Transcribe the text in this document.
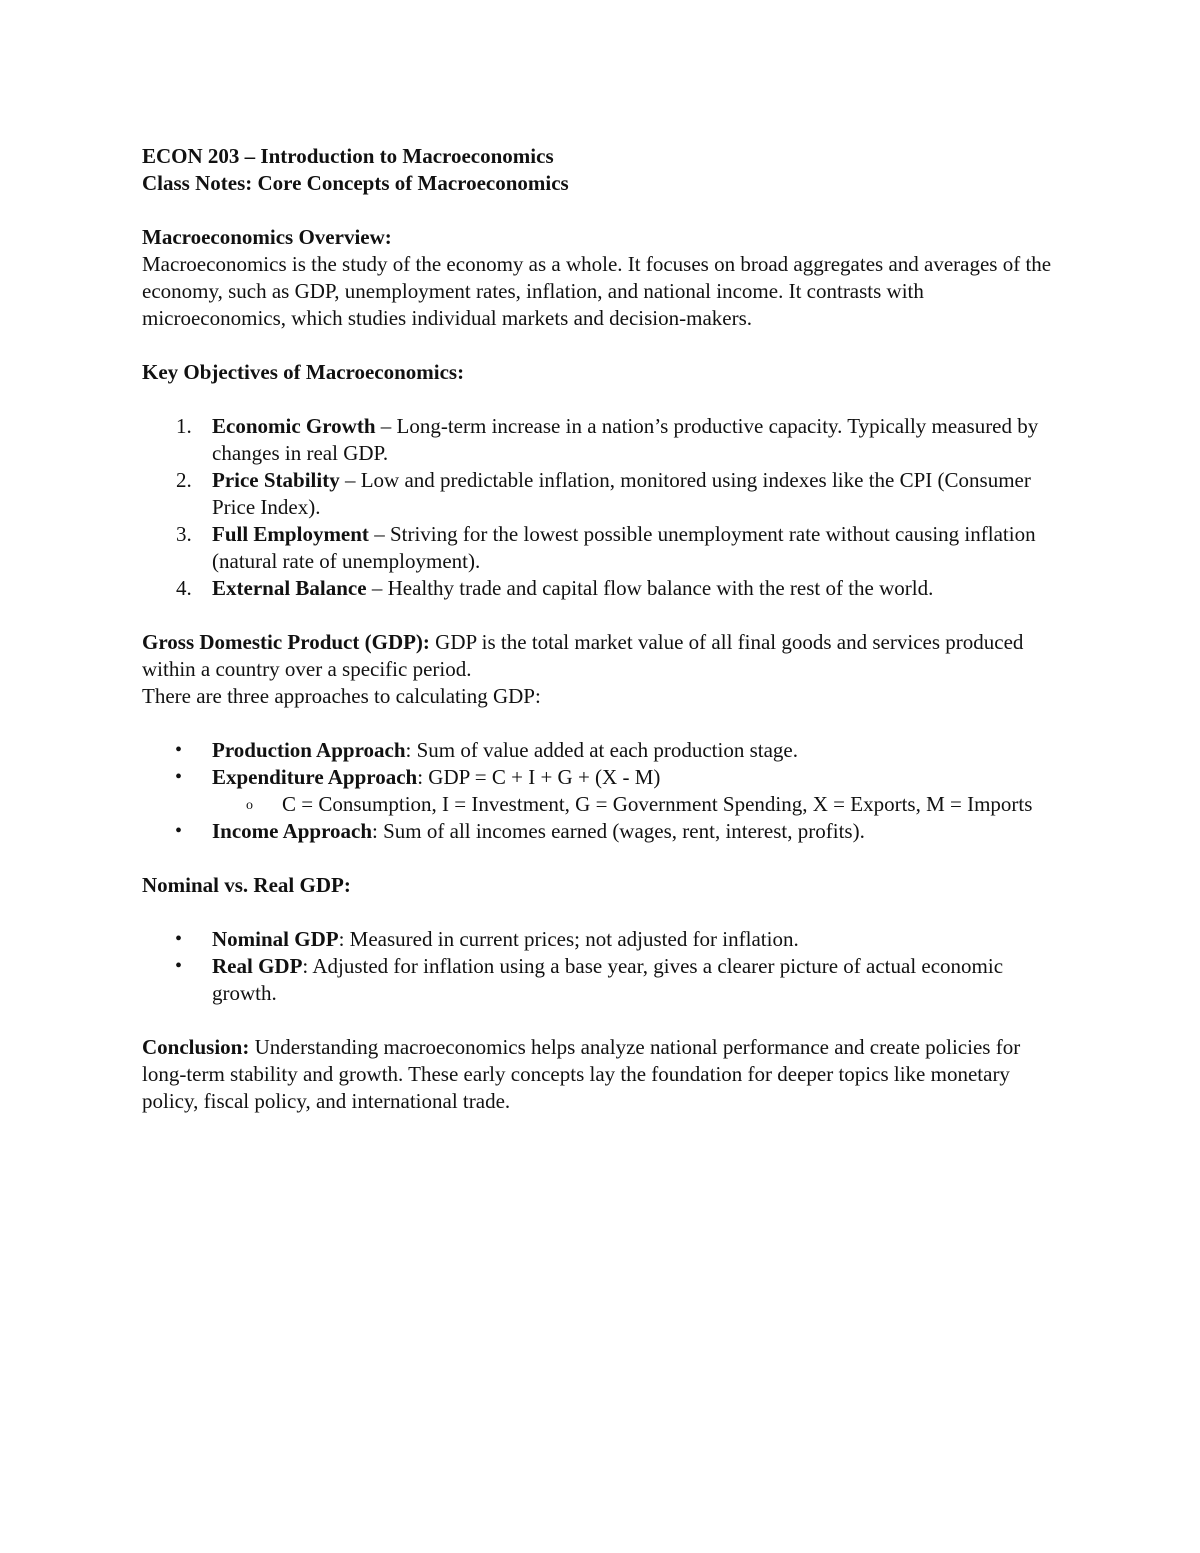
ECON 203 – Introduction to Macroeconomics

Class Notes: Core Concepts of Macroeconomics

Macroeconomics Overview:

Macroeconomics is the study of the economy as a whole. It focuses on broad aggregates and averages of the economy, such as GDP, unemployment rates, inflation, and national income. It contrasts with microeconomics, which studies individual markets and decision-makers.

Key Objectives of Macroeconomics:

1. Economic Growth – Long-term increase in a nation’s productive capacity. Typically measured by changes in real GDP.
2. Price Stability – Low and predictable inflation, monitored using indexes like the CPI (Consumer Price Index).
3. Full Employment – Striving for the lowest possible unemployment rate without causing inflation (natural rate of unemployment).
4. External Balance – Healthy trade and capital flow balance with the rest of the world.

Gross Domestic Product (GDP): GDP is the total market value of all final goods and services produced within a country over a specific period.

There are three approaches to calculating GDP:

• Production Approach: Sum of value added at each production stage.
• Expenditure Approach: GDP = C + I + G + (X - M)
o C = Consumption, I = Investment, G = Government Spending, X = Exports, M = Imports
• Income Approach: Sum of all incomes earned (wages, rent, interest, profits).

Nominal vs. Real GDP:

• Nominal GDP: Measured in current prices; not adjusted for inflation.
• Real GDP: Adjusted for inflation using a base year, gives a clearer picture of actual economic growth.

Conclusion: Understanding macroeconomics helps analyze national performance and create policies for long-term stability and growth. These early concepts lay the foundation for deeper topics like monetary policy, fiscal policy, and international trade.
